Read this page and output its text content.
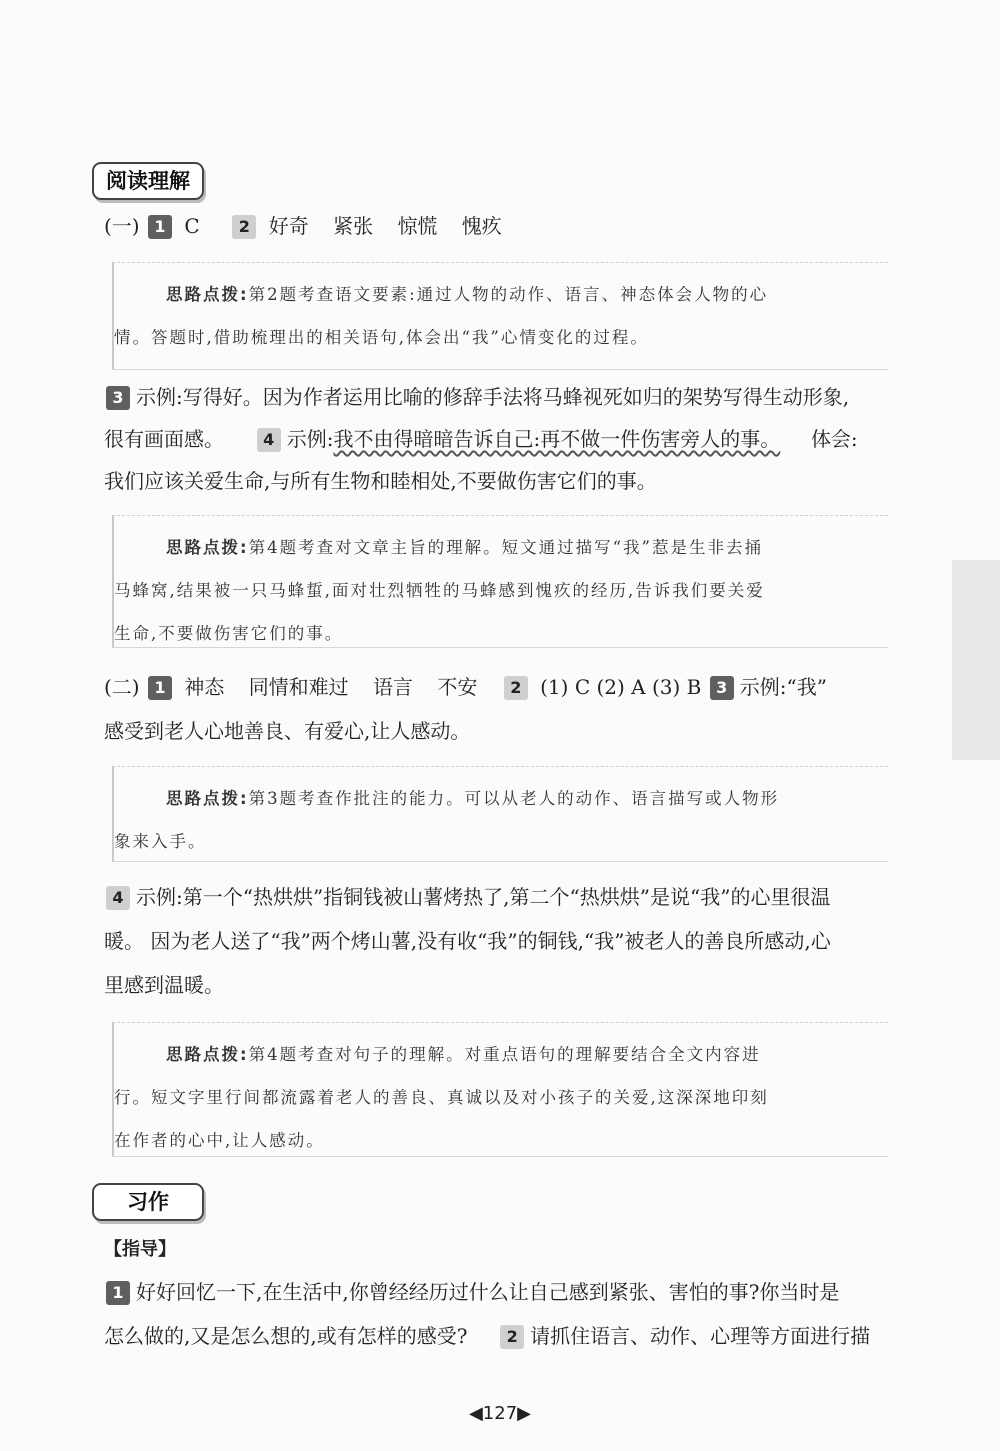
阅读理解
(一) 1 C 2 好奇 紧张 惊慌 愧疚
思路点拨:第2题考查语文要素:通过人物的动作、语言、神态体会人物的心
情。答题时,借助梳理出的相关语句,体会出“我”心情变化的过程。
3 示例:写得好。因为作者运用比喻的修辞手法将马蜂视死如归的架势写得生动形象,
很有画面感。 4 示例:我不由得暗暗告诉自己:再不做一件伤害旁人的事。 体会:
我们应该关爱生命,与所有生物和睦相处,不要做伤害它们的事。
思路点拨:第4题考查对文章主旨的理解。短文通过描写“我”惹是生非去捅
马蜂窝,结果被一只马蜂蜇,面对壮烈牺牲的马蜂感到愧疚的经历,告诉我们要关爱
生命,不要做伤害它们的事。
(二) 1 神态 同情和难过 语言 不安 2 (1) C (2) A (3) B 3 示例:“我”
感受到老人心地善良、有爱心,让人感动。
思路点拨:第3题考查作批注的能力。可以从老人的动作、语言描写或人物形
象来入手。
4 示例:第一个“热烘烘”指铜钱被山薯烤热了,第二个“热烘烘”是说“我”的心里很温
暖。 因为老人送了“我”两个烤山薯,没有收“我”的铜钱,“我”被老人的善良所感动,心
里感到温暖。
思路点拨:第4题考查对句子的理解。对重点语句的理解要结合全文内容进
行。短文字里行间都流露着老人的善良、真诚以及对小孩子的关爱,这深深地印刻
在作者的心中,让人感动。
习作
【指导】
1 好好回忆一下,在生活中,你曾经经历过什么让自己感到紧张、害怕的事?你当时是
怎么做的,又是怎么想的,或有怎样的感受? 2 请抓住语言、动作、心理等方面进行描
◀127▶
